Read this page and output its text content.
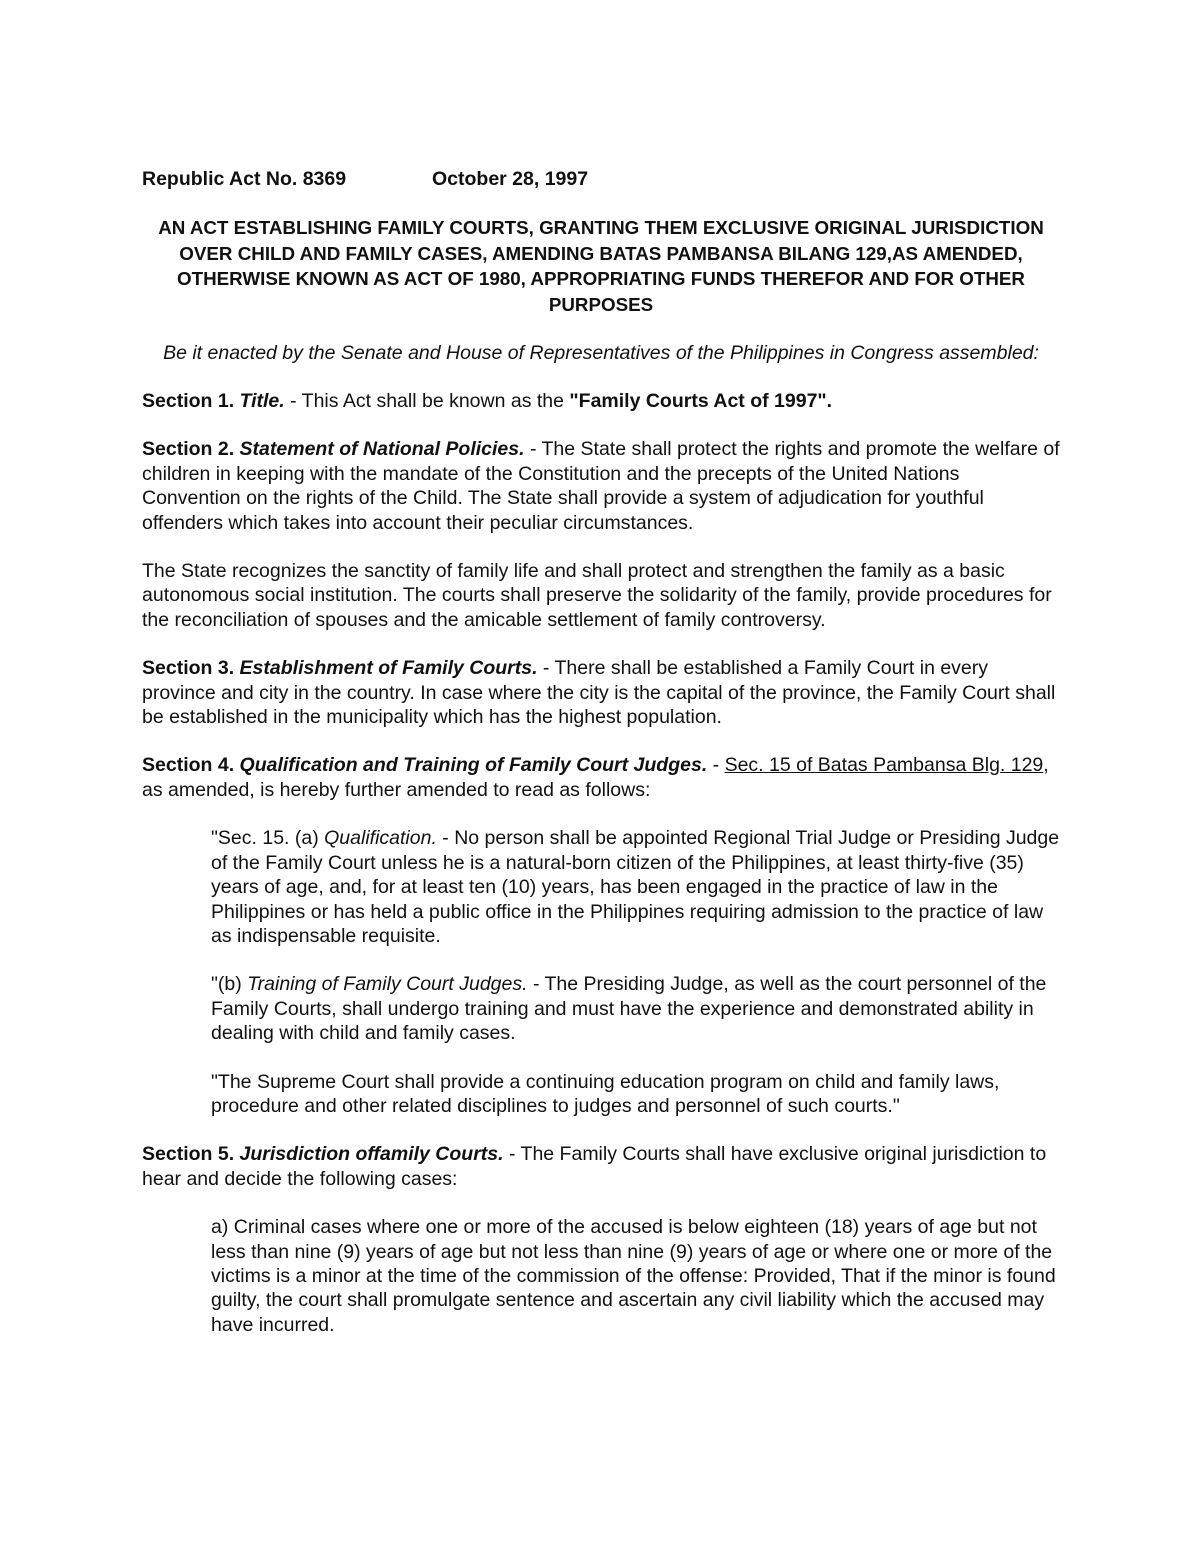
Republic Act No. 8369	October 28, 1997
AN ACT ESTABLISHING FAMILY COURTS, GRANTING THEM EXCLUSIVE ORIGINAL JURISDICTION OVER CHILD AND FAMILY CASES, AMENDING BATAS PAMBANSA BILANG 129,AS AMENDED, OTHERWISE KNOWN AS ACT OF 1980, APPROPRIATING FUNDS THEREFOR AND FOR OTHER PURPOSES
Be it enacted by the Senate and House of Representatives of the Philippines in Congress assembled:

Section 1. Title. - This Act shall be known as the "Family Courts Act of 1997".

Section 2. Statement of National Policies. - The State shall protect the rights and promote the welfare of children in keeping with the mandate of the Constitution and the precepts of the United Nations Convention on the rights of the Child. The State shall provide a system of adjudication for youthful offenders which takes into account their peculiar circumstances.

The State recognizes the sanctity of family life and shall protect and strengthen the family as a basic autonomous social institution. The courts shall preserve the solidarity of the family, provide procedures for the reconciliation of spouses and the amicable settlement of family controversy.

Section 3. Establishment of Family Courts. - There shall be established a Family Court in every province and city in the country. In case where the city is the capital of the province, the Family Court shall be established in the municipality which has the highest population.

Section 4. Qualification and Training of Family Court Judges. - Sec. 15 of Batas Pambansa Blg. 129, as amended, is hereby further amended to read as follows:

"Sec. 15. (a) Qualification. - No person shall be appointed Regional Trial Judge or Presiding Judge of the Family Court unless he is a natural-born citizen of the Philippines, at least thirty-five (35) years of age, and, for at least ten (10) years, has been engaged in the practice of law in the Philippines or has held a public office in the Philippines requiring admission to the practice of law as indispensable requisite.

"(b) Training of Family Court Judges. - The Presiding Judge, as well as the court personnel of the Family Courts, shall undergo training and must have the experience and demonstrated ability in dealing with child and family cases.

"The Supreme Court shall provide a continuing education program on child and family laws, procedure and other related disciplines to judges and personnel of such courts."

Section 5. Jurisdiction offamily Courts. - The Family Courts shall have exclusive original jurisdiction to hear and decide the following cases:

a) Criminal cases where one or more of the accused is below eighteen (18) years of age but not less than nine (9) years of age but not less than nine (9) years of age or where one or more of the victims is a minor at the time of the commission of the offense: Provided, That if the minor is found guilty, the court shall promulgate sentence and ascertain any civil liability which the accused may have incurred.
